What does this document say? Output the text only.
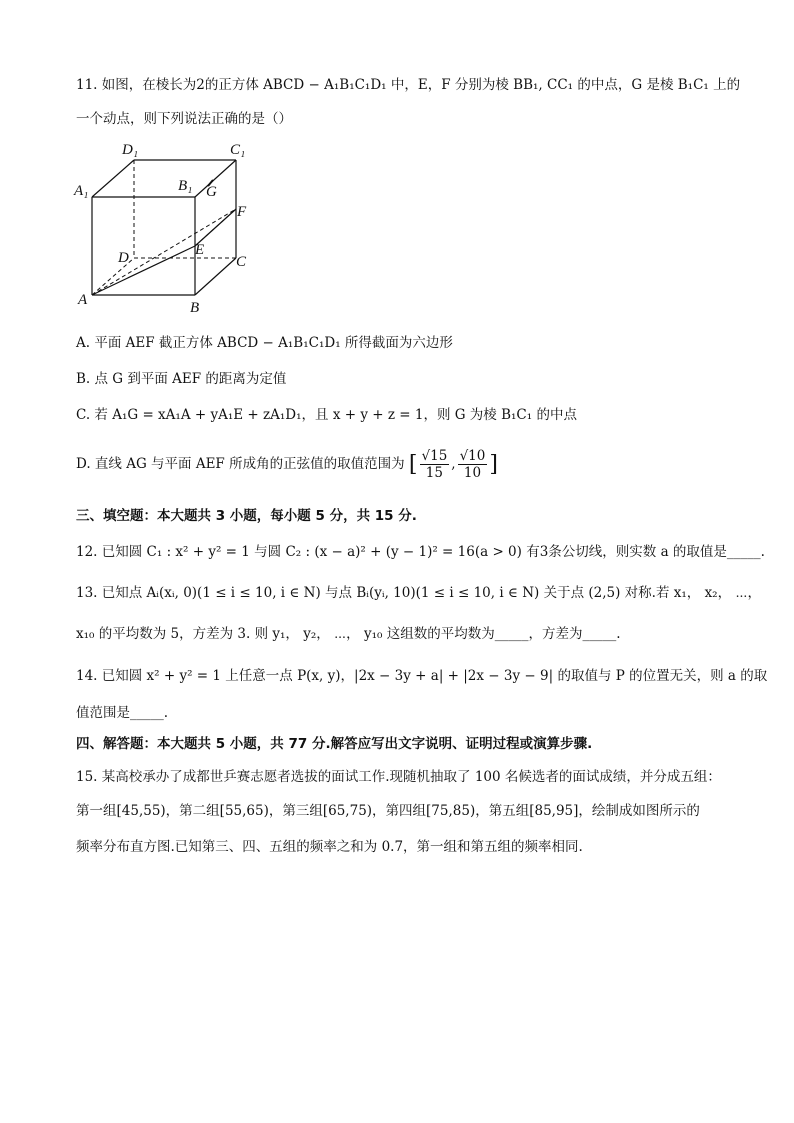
11. 如图，在棱长为2的正方体 ABCD − A₁B₁C₁D₁ 中，E，F 分别为棱 BB₁, CC₁ 的中点，G 是棱 B₁C₁ 上的
一个动点，则下列说法正确的是（）
D₁	C₁
A₁	B₁ G
F
D	E
C
A	B
A. 平面 AEF 截正方体 ABCD − A₁B₁C₁D₁ 所得截面为六边形
B. 点 G 到平面 AEF 的距离为定值
C. 若 A₁G = xA₁A + yA₁E + zA₁D₁，且 x + y + z = 1，则 G 为棱 B₁C₁ 的中点
D. 直线 AG 与平面 AEF 所成角的正弦值的取值范围为 [ $\frac{√15}{15}$ , $\frac{√10}{10}$ ]
三、填空题：本大题共 3 小题，每小题 5 分，共 15 分.
12. 已知圆 C₁ : x² + y² = 1 与圆 C₂ : (x − a)² + (y − 1)² = 16(a > 0) 有3条公切线，则实数 a 的取值是_____.
13. 已知点 Aᵢ(xᵢ, 0)(1 ≤ i ≤ 10, i ∈ N) 与点 Bᵢ(yᵢ, 10)(1 ≤ i ≤ 10, i ∈ N) 关于点 (2,5) 对称.若 x₁， x₂， ⋯，
x₁₀ 的平均数为 5，方差为 3. 则 y₁， y₂， ⋯， y₁₀ 这组数的平均数为_____，方差为_____.
14. 已知圆 x² + y² = 1 上任意一点 P(x, y)，|2x − 3y + a| + |2x − 3y − 9| 的取值与 P 的位置无关，则 a 的取
值范围是_____.
四、解答题：本大题共 5 小题，共 77 分.解答应写出文字说明、证明过程或演算步骤.
15. 某高校承办了成都世乒赛志愿者选拔的面试工作.现随机抽取了 100 名候选者的面试成绩，并分成五组：
第一组[45,55)，第二组[55,65)，第三组[65,75)，第四组[75,85)，第五组[85,95]，绘制成如图所示的
频率分布直方图.已知第三、四、五组的频率之和为 0.7，第一组和第五组的频率相同.
